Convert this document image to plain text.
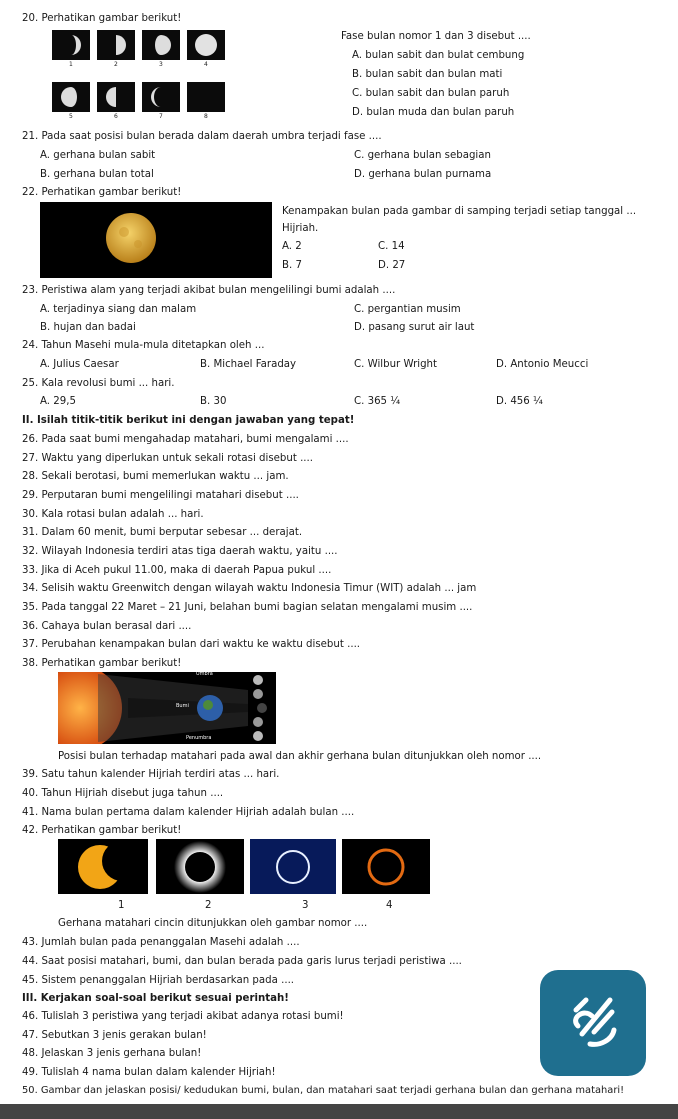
20. Perhatikan gambar berikut!
1	2	3	4
5	6	7	8
Fase bulan nomor 1 dan 3 disebut ....
A. bulan sabit dan bulat cembung
B. bulan sabit dan bulan mati
C. bulan sabit dan bulan paruh
D. bulan muda dan bulan paruh
21. Pada saat posisi bulan berada dalam daerah umbra terjadi fase ....
A. gerhana bulan sabit	C. gerhana bulan sebagian
B. gerhana bulan total	D. gerhana bulan purnama
22. Perhatikan gambar berikut!
Kenampakan bulan pada gambar di samping terjadi setiap tanggal ...
Hijriah.
A. 2	C. 14
B. 7	D. 27
23. Peristiwa alam yang terjadi akibat bulan mengelilingi bumi adalah ....
A. terjadinya siang dan malam	C. pergantian musim
B. hujan dan badai	D. pasang surut air laut
24. Tahun Masehi mula-mula ditetapkan oleh ...
A. Julius Caesar	B. Michael Faraday	C. Wilbur Wright	D. Antonio Meucci
25. Kala revolusi bumi ... hari.
A. 29,5	B. 30	C. 365 ¼	D. 456 ¼
II. Isilah titik-titik berikut ini dengan jawaban yang tepat!
26. Pada saat bumi mengahadap matahari, bumi mengalami ....
27. Waktu yang diperlukan untuk sekali rotasi disebut ....
28. Sekali berotasi, bumi memerlukan waktu ... jam.
29. Perputaran bumi mengelilingi matahari disebut ....
30. Kala rotasi bulan adalah ... hari.
31. Dalam 60 menit, bumi berputar sebesar ... derajat.
32. Wilayah Indonesia terdiri atas tiga daerah waktu, yaitu ....
33. Jika di Aceh pukul 11.00, maka di daerah Papua pukul ....
34. Selisih waktu Greenwitch dengan wilayah waktu Indonesia Timur (WIT) adalah ... jam
35. Pada tanggal 22 Maret – 21 Juni, belahan bumi bagian selatan mengalami musim ....
36. Cahaya bulan berasal dari ....
37. Perubahan kenampakan bulan dari waktu ke waktu disebut ....
38. Perhatikan gambar berikut!
Umbra
Bumi
Penumbra
Posisi bulan terhadap matahari pada awal dan akhir gerhana bulan ditunjukkan oleh nomor ....
39. Satu tahun kalender Hijriah terdiri atas ... hari.
40. Tahun Hijriah disebut juga tahun ....
41. Nama bulan pertama dalam kalender Hijriah adalah bulan ....
42. Perhatikan gambar berikut!
1	2	3	4
Gerhana matahari cincin ditunjukkan oleh gambar nomor ....
43. Jumlah bulan pada penanggalan Masehi adalah ....
44. Saat posisi matahari, bumi, dan bulan berada pada garis lurus terjadi peristiwa ....
45. Sistem penanggalan Hijriah berdasarkan pada ....
III. Kerjakan soal-soal berikut sesuai perintah!
46. Tulislah 3 peristiwa yang terjadi akibat adanya rotasi bumi!
47. Sebutkan 3 jenis gerakan bulan!
48. Jelaskan 3 jenis gerhana bulan!
49. Tulislah 4 nama bulan dalam kalender Hijriah!
50. Gambar dan jelaskan posisi/ kedudukan bumi, bulan, dan matahari saat terjadi gerhana bulan dan gerhana matahari!
